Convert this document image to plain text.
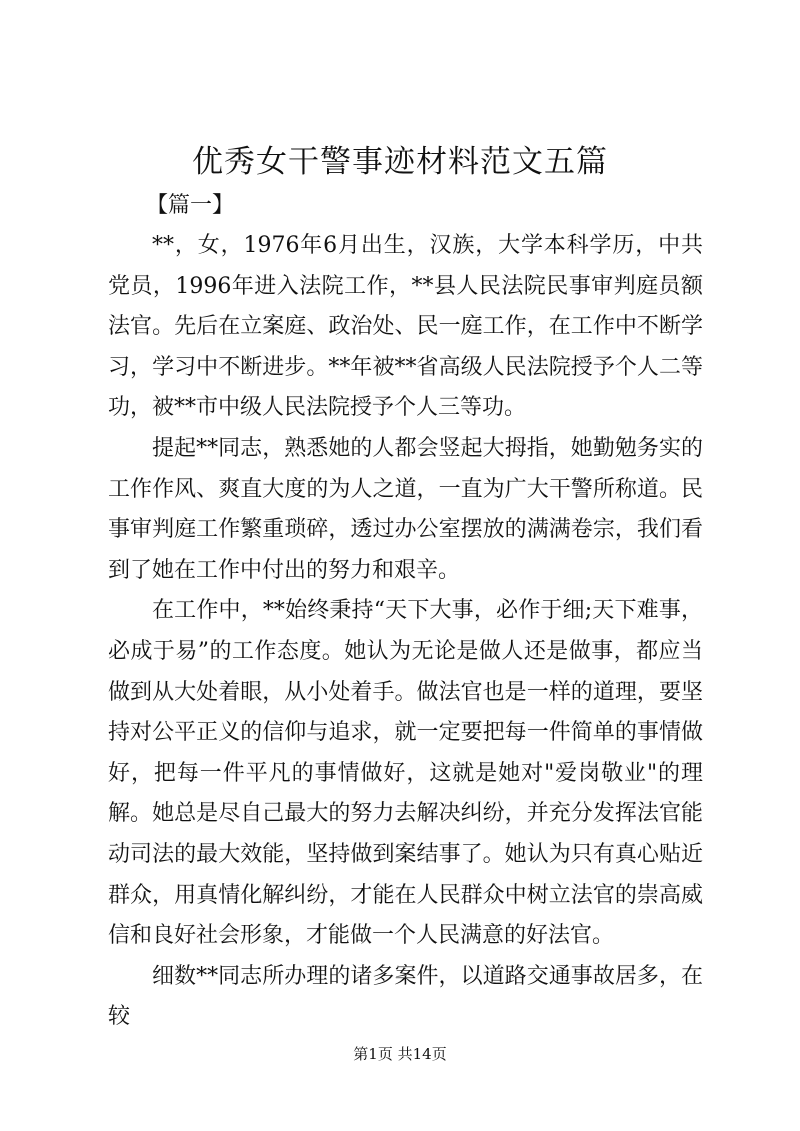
优秀女干警事迹材料范文五篇
【篇一】

**，女，1976年6月出生，汉族，大学本科学历，中共党员，1996年进入法院工作，**县人民法院民事审判庭员额法官。先后在立案庭、政治处、民一庭工作，在工作中不断学习，学习中不断进步。**年被**省高级人民法院授予个人二等功，被**市中级人民法院授予个人三等功。

提起**同志，熟悉她的人都会竖起大拇指，她勤勉务实的工作作风、爽直大度的为人之道，一直为广大干警所称道。民事审判庭工作繁重琐碎，透过办公室摆放的满满卷宗，我们看到了她在工作中付出的努力和艰辛。

在工作中，**始终秉持“天下大事，必作于细;天下难事，必成于易”的工作态度。她认为无论是做人还是做事，都应当做到从大处着眼，从小处着手。做法官也是一样的道理，要坚持对公平正义的信仰与追求，就一定要把每一件简单的事情做好，把每一件平凡的事情做好，这就是她对"爱岗敬业"的理解。她总是尽自己最大的努力去解决纠纷，并充分发挥法官能动司法的最大效能，坚持做到案结事了。她认为只有真心贴近群众，用真情化解纠纷，才能在人民群众中树立法官的崇高威信和良好社会形象，才能做一个人民满意的好法官。

细数**同志所办理的诸多案件，以道路交通事故居多，在较

第1页 共14页
